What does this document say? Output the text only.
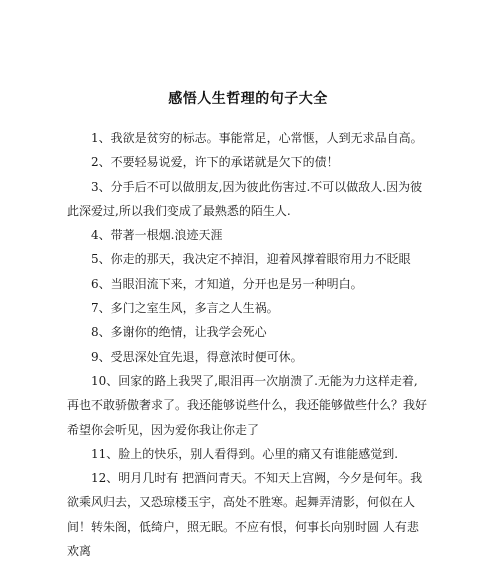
感悟人生哲理的句子大全

1、我欲是贫穷的标志。事能常足，心常惬，人到无求品自高。

2、不要轻易说爱，许下的承诺就是欠下的债！

3、分手后不可以做朋友,因为彼此伤害过.不可以做敌人.因为彼此深爱过,所以我们变成了最熟悉的陌生人.

4、带著一根烟.浪迹天涯

5、你走的那天，我决定不掉泪，迎着风撑着眼帘用力不眨眼

6、当眼泪流下来，才知道，分开也是另一种明白。

7、多门之室生风，多言之人生祸。

8、多谢你的绝情，让我学会死心

9、受思深处宜先退，得意浓时便可休。

10、回家的路上我哭了,眼泪再一次崩溃了.无能为力这样走着,再也不敢骄傲奢求了。我还能够说些什么，我还能够做些什么？我好希望你会听见，因为爱你我让你走了

11、脸上的快乐，别人看得到。心里的痛又有谁能感觉到.

12、明月几时有 把酒问青天。不知天上宫阙，今夕是何年。我欲乘风归去，又恐琼楼玉宇，高处不胜寒。起舞弄清影，何似在人间！转朱阁，低绮户，照无眠。不应有恨，何事长向别时圆 人有悲欢离
